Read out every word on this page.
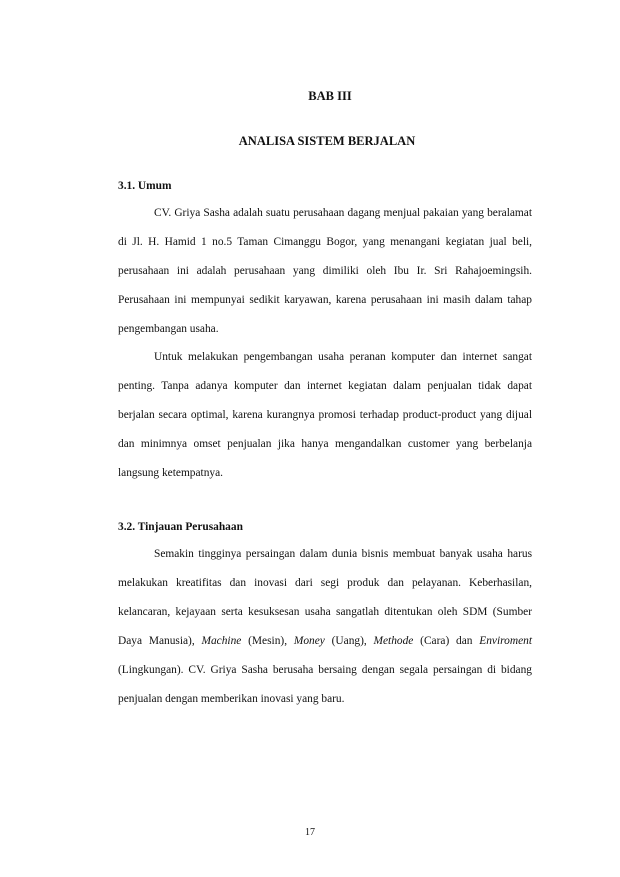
BAB III
ANALISA SISTEM BERJALAN
3.1. Umum

CV. Griya Sasha adalah suatu perusahaan dagang menjual pakaian yang beralamat di Jl. H. Hamid 1 no.5 Taman Cimanggu Bogor, yang menangani kegiatan jual beli, perusahaan ini adalah perusahaan yang dimiliki oleh Ibu Ir. Sri Rahajoemingsih. Perusahaan ini mempunyai sedikit karyawan, karena perusahaan ini masih dalam tahap pengembangan usaha.

Untuk melakukan pengembangan usaha peranan komputer dan internet sangat penting. Tanpa adanya komputer dan internet kegiatan dalam penjualan tidak dapat berjalan secara optimal, karena kurangnya promosi terhadap product-product yang dijual dan minimnya omset penjualan jika hanya mengandalkan customer yang berbelanja langsung ketempatnya.

3.2. Tinjauan Perusahaan

Semakin tingginya persaingan dalam dunia bisnis membuat banyak usaha harus melakukan kreatifitas dan inovasi dari segi produk dan pelayanan. Keberhasilan, kelancaran, kejayaan serta kesuksesan usaha sangatlah ditentukan oleh SDM (Sumber Daya Manusia), Machine (Mesin), Money (Uang), Methode (Cara) dan Enviroment (Lingkungan). CV. Griya Sasha berusaha bersaing dengan segala persaingan di bidang penjualan dengan memberikan inovasi yang baru.

17
